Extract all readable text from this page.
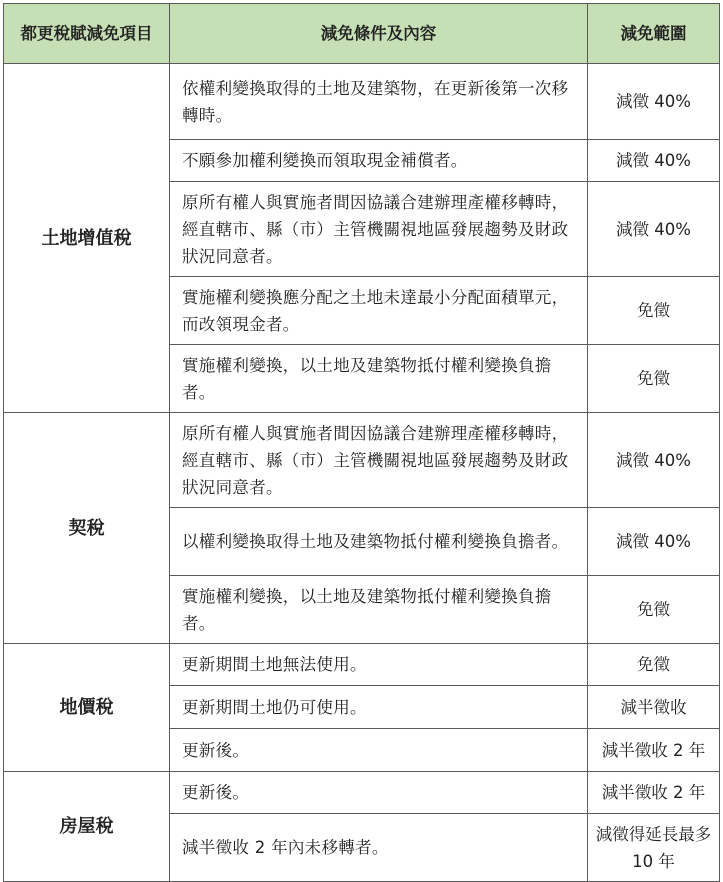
都更稅賦減免項目	減免條件及內容	減免範圍
土地增值稅	依權利變換取得的土地及建築物，在更新後第一次移轉時。	減徵 40%
	不願參加權利變換而領取現金補償者。	減徵 40%
	原所有權人與實施者間因協議合建辦理產權移轉時，經直轄市、縣（市）主管機關視地區發展趨勢及財政狀況同意者。	減徵 40%
	實施權利變換應分配之土地未達最小分配面積單元，而改領現金者。	免徵
	實施權利變換，以土地及建築物抵付權利變換負擔者。	免徵
契稅	原所有權人與實施者間因協議合建辦理產權移轉時，經直轄市、縣（市）主管機關視地區發展趨勢及財政狀況同意者。	減徵 40%
	以權利變換取得土地及建築物抵付權利變換負擔者。	減徵 40%
	實施權利變換，以土地及建築物抵付權利變換負擔者。	免徵
地價稅	更新期間土地無法使用。	免徵
	更新期間土地仍可使用。	減半徵收
	更新後。	減半徵收 2 年
房屋稅	更新後。	減半徵收 2 年
	減半徵收 2 年內未移轉者。	減徵得延長最多 10 年
